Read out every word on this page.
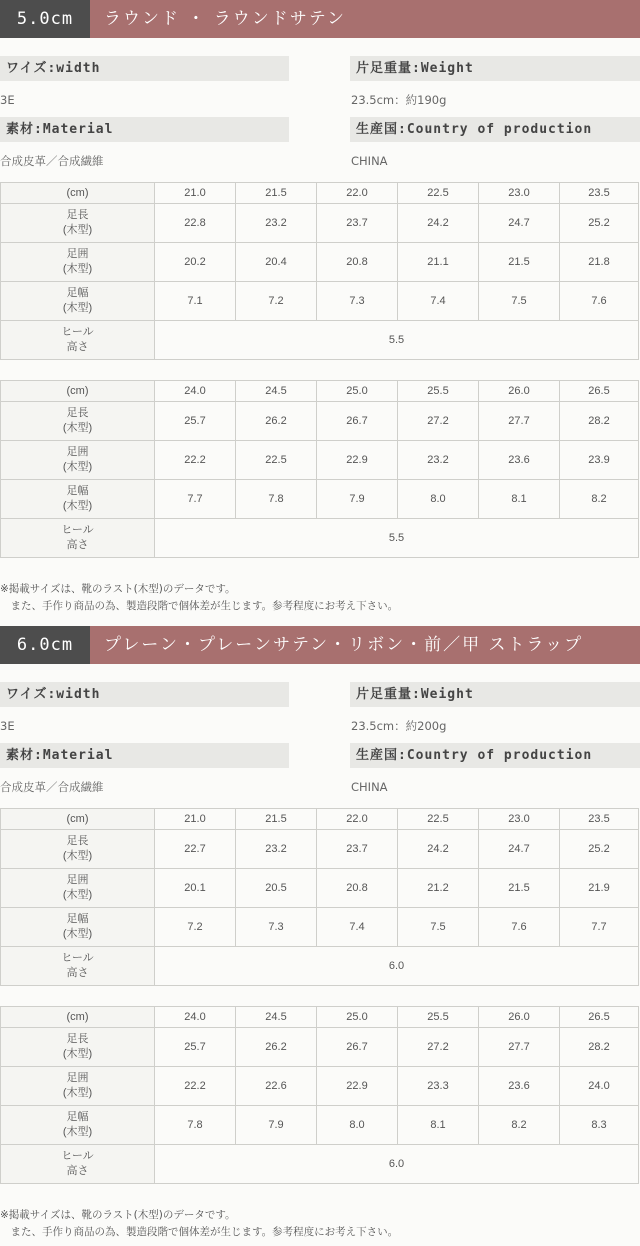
5.0cm	ラウンド ・ ラウンドサテン
ワイズ:width	片足重量:Weight
3E	23.5cm：約190g
素材:Material	生産国:Country of production
合成皮革／合成繊維	CHINA
(cm)	21.0	21.5	22.0	22.5	23.0	23.5
足長
(木型)	22.8	23.2	23.7	24.2	24.7	25.2
足囲
(木型)	20.2	20.4	20.8	21.1	21.5	21.8
足幅
(木型)	7.1	7.2	7.3	7.4	7.5	7.6
ヒール
高さ	5.5					
(cm)	24.0	24.5	25.0	25.5	26.0	26.5
足長
(木型)	25.7	26.2	26.7	27.2	27.7	28.2
足囲
(木型)	22.2	22.5	22.9	23.2	23.6	23.9
足幅
(木型)	7.7	7.8	7.9	8.0	8.1	8.2
ヒール
高さ	5.5					
※掲載サイズは、靴のラスト(木型)のデータです。
　また、手作り商品の為、製造段階で個体差が生じます。参考程度にお考え下さい。
6.0cm	プレーン・プレーンサテン・リボン・前／甲 ストラップ
ワイズ:width	片足重量:Weight
3E	23.5cm：約200g
素材:Material	生産国:Country of production
合成皮革／合成繊維	CHINA
(cm)	21.0	21.5	22.0	22.5	23.0	23.5
足長
(木型)	22.7	23.2	23.7	24.2	24.7	25.2
足囲
(木型)	20.1	20.5	20.8	21.2	21.5	21.9
足幅
(木型)	7.2	7.3	7.4	7.5	7.6	7.7
ヒール
高さ	6.0					
(cm)	24.0	24.5	25.0	25.5	26.0	26.5
足長
(木型)	25.7	26.2	26.7	27.2	27.7	28.2
足囲
(木型)	22.2	22.6	22.9	23.3	23.6	24.0
足幅
(木型)	7.8	7.9	8.0	8.1	8.2	8.3
ヒール
高さ	6.0					
※掲載サイズは、靴のラスト(木型)のデータです。
　また、手作り商品の為、製造段階で個体差が生じます。参考程度にお考え下さい。
